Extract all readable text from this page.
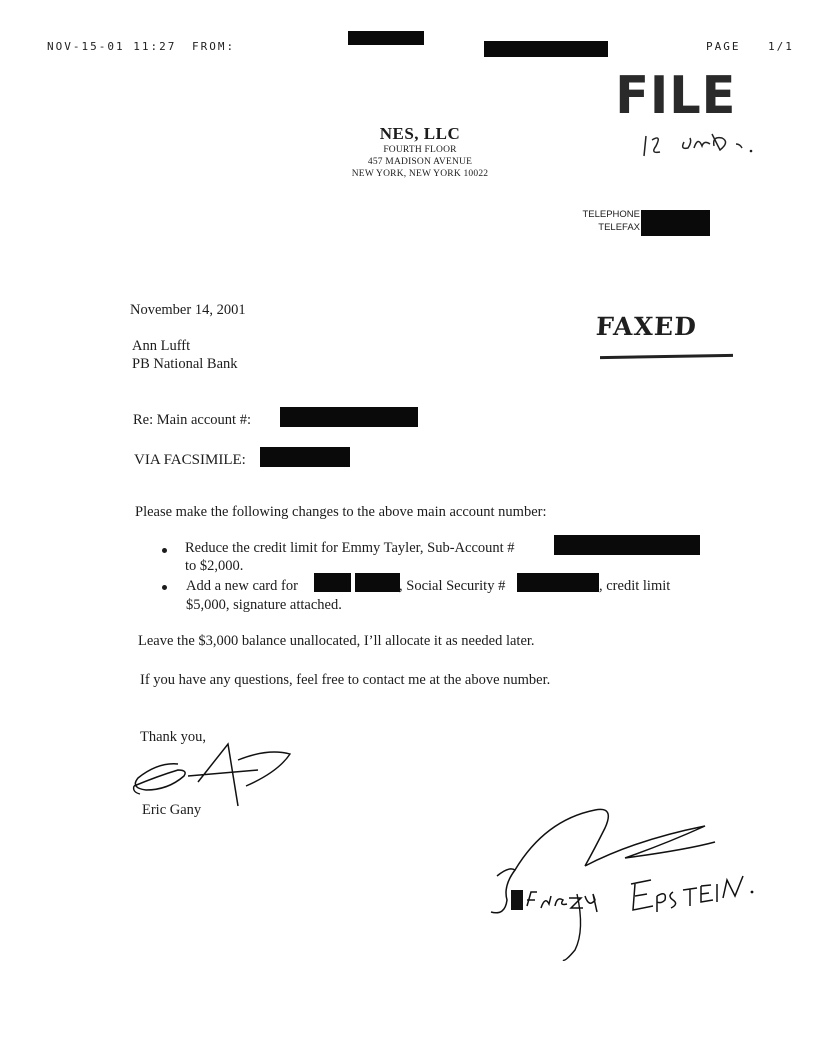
NOV-15-01 11:27 FROM:	PAGE	1/1
FILE
NES, LLC
FOURTH FLOOR
457 MADISON AVENUE
NEW YORK, NEW YORK 10022
TELEPHONE
TELEFAX
FAXED
November 14, 2001
Ann Lufft
PB National Bank
Re: Main account #:
VIA FACSIMILE:
Please make the following changes to the above main account number:
Reduce the credit limit for Emmy Tayler, Sub-Account #
to $2,000.
Add a new card for	, Social Security #	, credit limit
$5,000, signature attached.
Leave the $3,000 balance unallocated, I’ll allocate it as needed later.
If you have any questions, feel free to contact me at the above number.
Thank you,
Eric Gany
